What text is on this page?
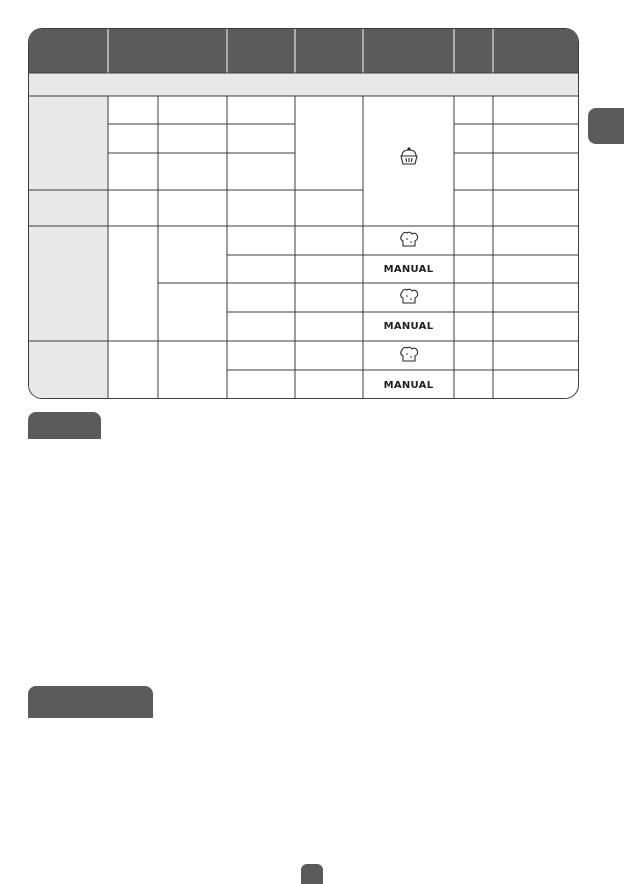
MANUAL
MANUAL
MANUAL
